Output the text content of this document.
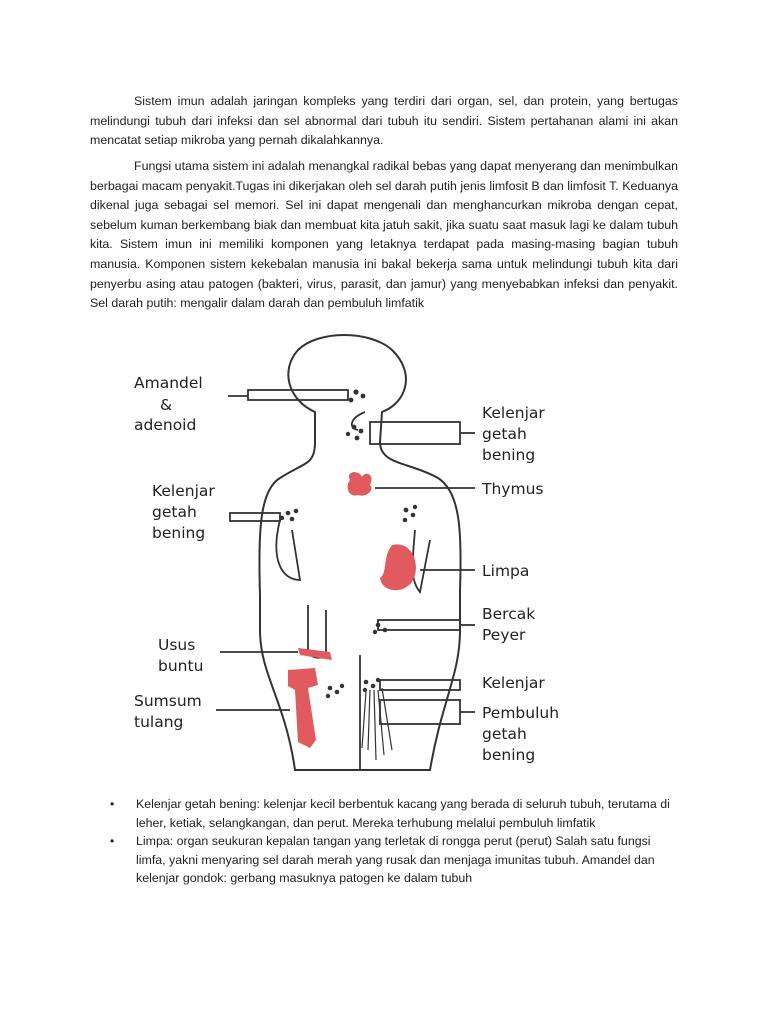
Sistem imun adalah jaringan kompleks yang terdiri dari organ, sel, dan protein, yang bertugas melindungi tubuh dari infeksi dan sel abnormal dari tubuh itu sendiri. Sistem pertahanan alami ini akan mencatat setiap mikroba yang pernah dikalahkannya.

Fungsi utama sistem ini adalah menangkal radikal bebas yang dapat menyerang dan menimbulkan berbagai macam penyakit.Tugas ini dikerjakan oleh sel darah putih jenis limfosit B dan limfosit T. Keduanya dikenal juga sebagai sel memori. Sel ini dapat mengenali dan menghancurkan mikroba dengan cepat, sebelum kuman berkembang biak dan membuat kita jatuh sakit, jika suatu saat masuk lagi ke dalam tubuh kita. Sistem imun ini memiliki komponen yang letaknya terdapat pada masing-masing bagian tubuh manusia. Komponen sistem kekebalan manusia ini bakal bekerja sama untuk melindungi tubuh kita dari penyerbu asing atau patogen (bakteri, virus, parasit, dan jamur) yang menyebabkan infeksi dan penyakit. Sel darah putih: mengalir dalam darah dan pembuluh limfatik

Amandel
&
adenoid
Kelenjar
getah
bening
Thymus
Kelenjar
getah
bening
Limpa
Bercak
Peyer
Usus
buntu
Sumsum
tulang
Kelenjar
Pembuluh
getah
bening
• Kelenjar getah bening: kelenjar kecil berbentuk kacang yang berada di seluruh tubuh, terutama di leher, ketiak, selangkangan, dan perut. Mereka terhubung melalui pembuluh limfatik
• Limpa: organ seukuran kepalan tangan yang terletak di rongga perut (perut) Salah satu fungsi limfa, yakni menyaring sel darah merah yang rusak dan menjaga imunitas tubuh. Amandel dan kelenjar gondok: gerbang masuknya patogen ke dalam tubuh
